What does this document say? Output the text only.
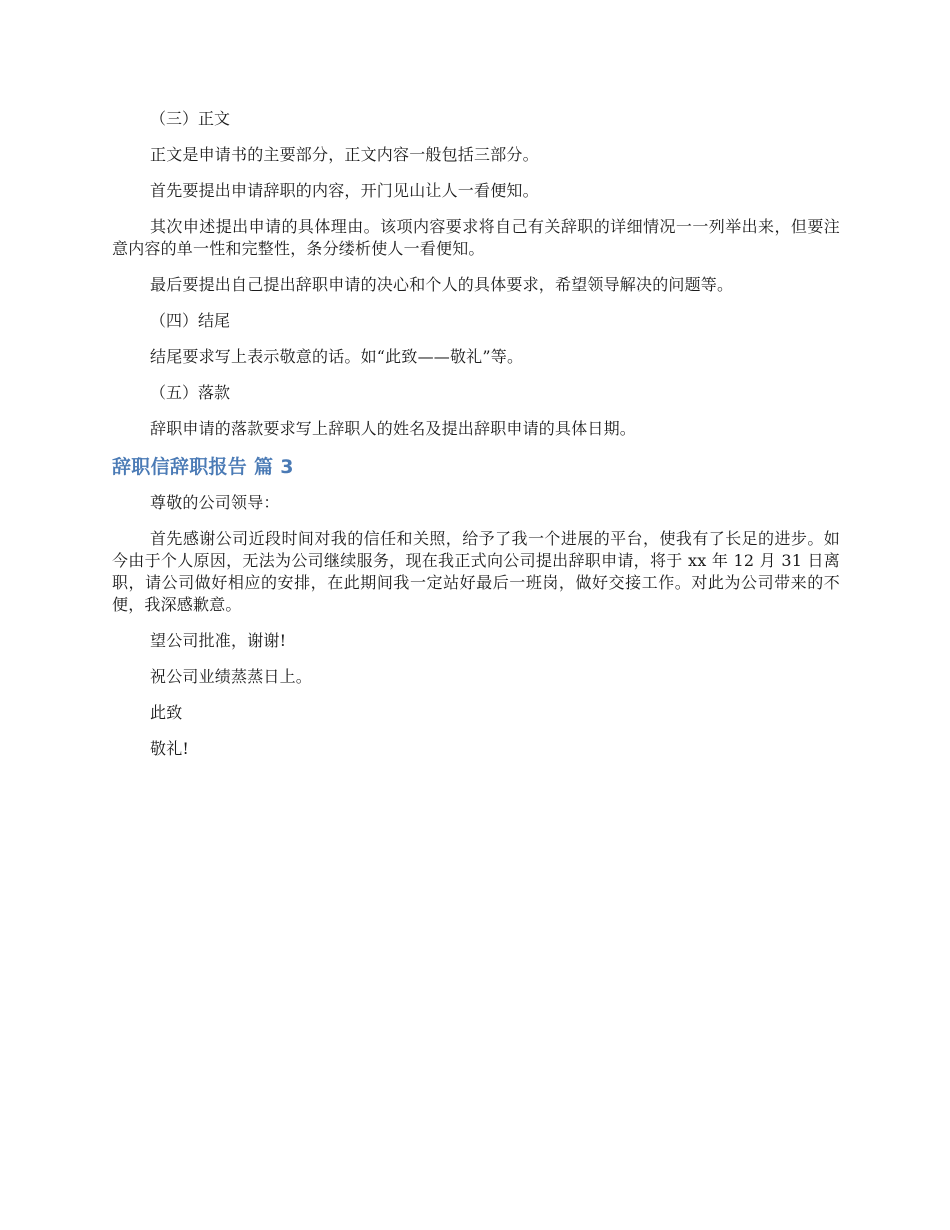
（三）正文

正文是申请书的主要部分，正文内容一般包括三部分。

首先要提出申请辞职的内容，开门见山让人一看便知。

其次申述提出申请的具体理由。该项内容要求将自己有关辞职的详细情况一一列举出来，但要注意内容的单一性和完整性，条分缕析使人一看便知。

最后要提出自己提出辞职申请的决心和个人的具体要求，希望领导解决的问题等。

（四）结尾

结尾要求写上表示敬意的话。如“此致——敬礼”等。

（五）落款

辞职申请的落款要求写上辞职人的姓名及提出辞职申请的具体日期。

辞职信辞职报告 篇 3

尊敬的公司领导：

首先感谢公司近段时间对我的信任和关照，给予了我一个进展的平台，使我有了长足的进步。如今由于个人原因，无法为公司继续服务，现在我正式向公司提出辞职申请，将于 xx 年 12 月 31 日离职，请公司做好相应的安排，在此期间我一定站好最后一班岗，做好交接工作。对此为公司带来的不便，我深感歉意。

望公司批准，谢谢!

祝公司业绩蒸蒸日上。

此致

敬礼!
